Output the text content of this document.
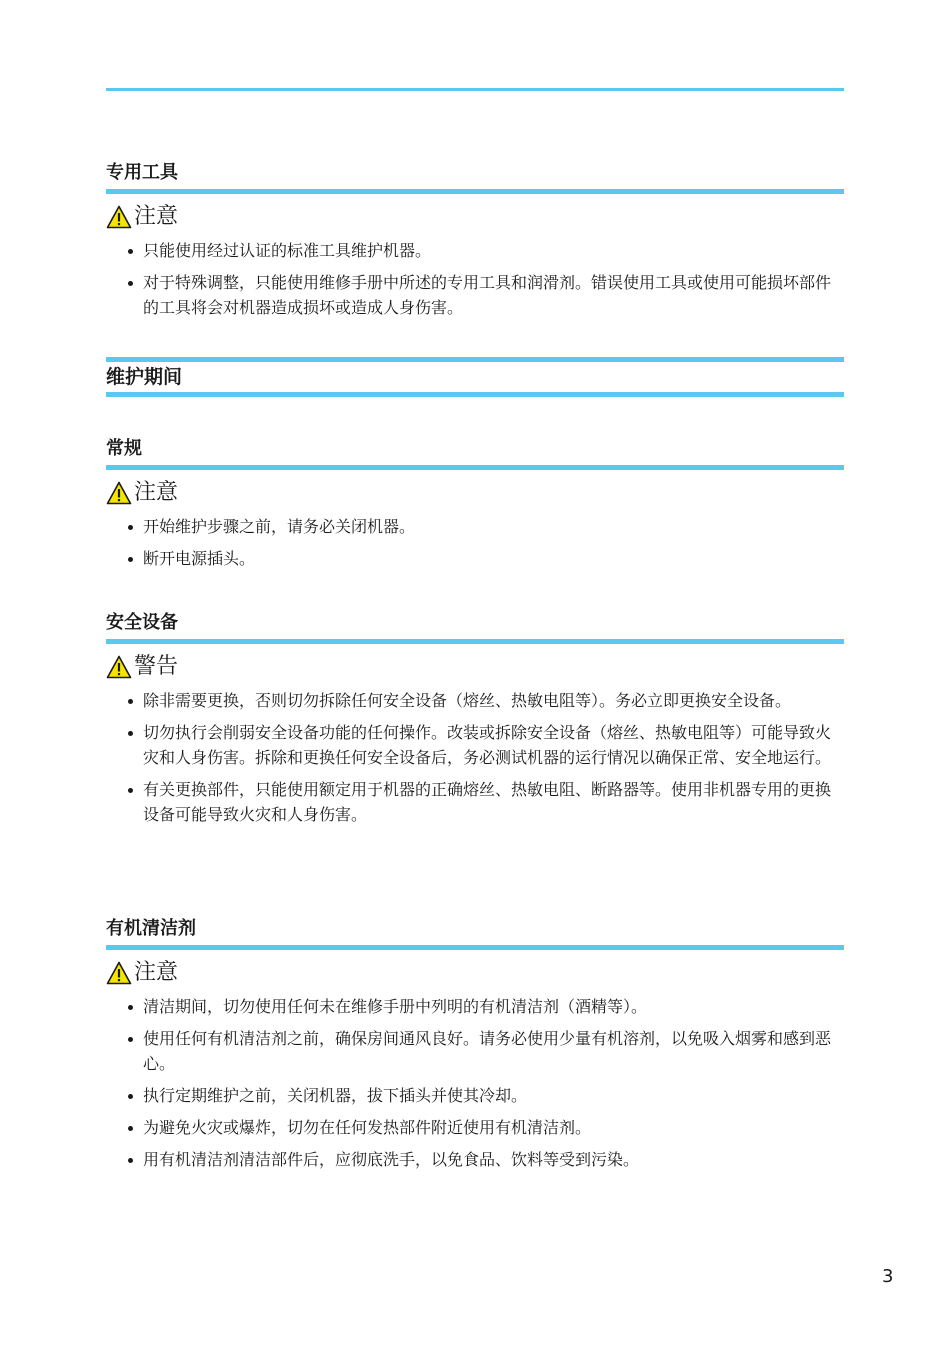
专用工具
注意
只能使用经过认证的标准工具维护机器。
对于特殊调整，只能使用维修手册中所述的专用工具和润滑剂。错误使用工具或使用可能损坏部件的工具将会对机器造成损坏或造成人身伤害。
维护期间
常规
注意
开始维护步骤之前，请务必关闭机器。
断开电源插头。
安全设备
警告
除非需要更换，否则切勿拆除任何安全设备（熔丝、热敏电阻等）。务必立即更换安全设备。
切勿执行会削弱安全设备功能的任何操作。改装或拆除安全设备（熔丝、热敏电阻等）可能导致火灾和人身伤害。拆除和更换任何安全设备后，务必测试机器的运行情况以确保正常、安全地运行。
有关更换部件，只能使用额定用于机器的正确熔丝、热敏电阻、断路器等。使用非机器专用的更换设备可能导致火灾和人身伤害。
有机清洁剂
注意
清洁期间，切勿使用任何未在维修手册中列明的有机清洁剂（酒精等）。
使用任何有机清洁剂之前，确保房间通风良好。请务必使用少量有机溶剂，以免吸入烟雾和感到恶心。
执行定期维护之前，关闭机器，拔下插头并使其冷却。
为避免火灾或爆炸，切勿在任何发热部件附近使用有机清洁剂。
用有机清洁剂清洁部件后，应彻底洗手，以免食品、饮料等受到污染。
3
